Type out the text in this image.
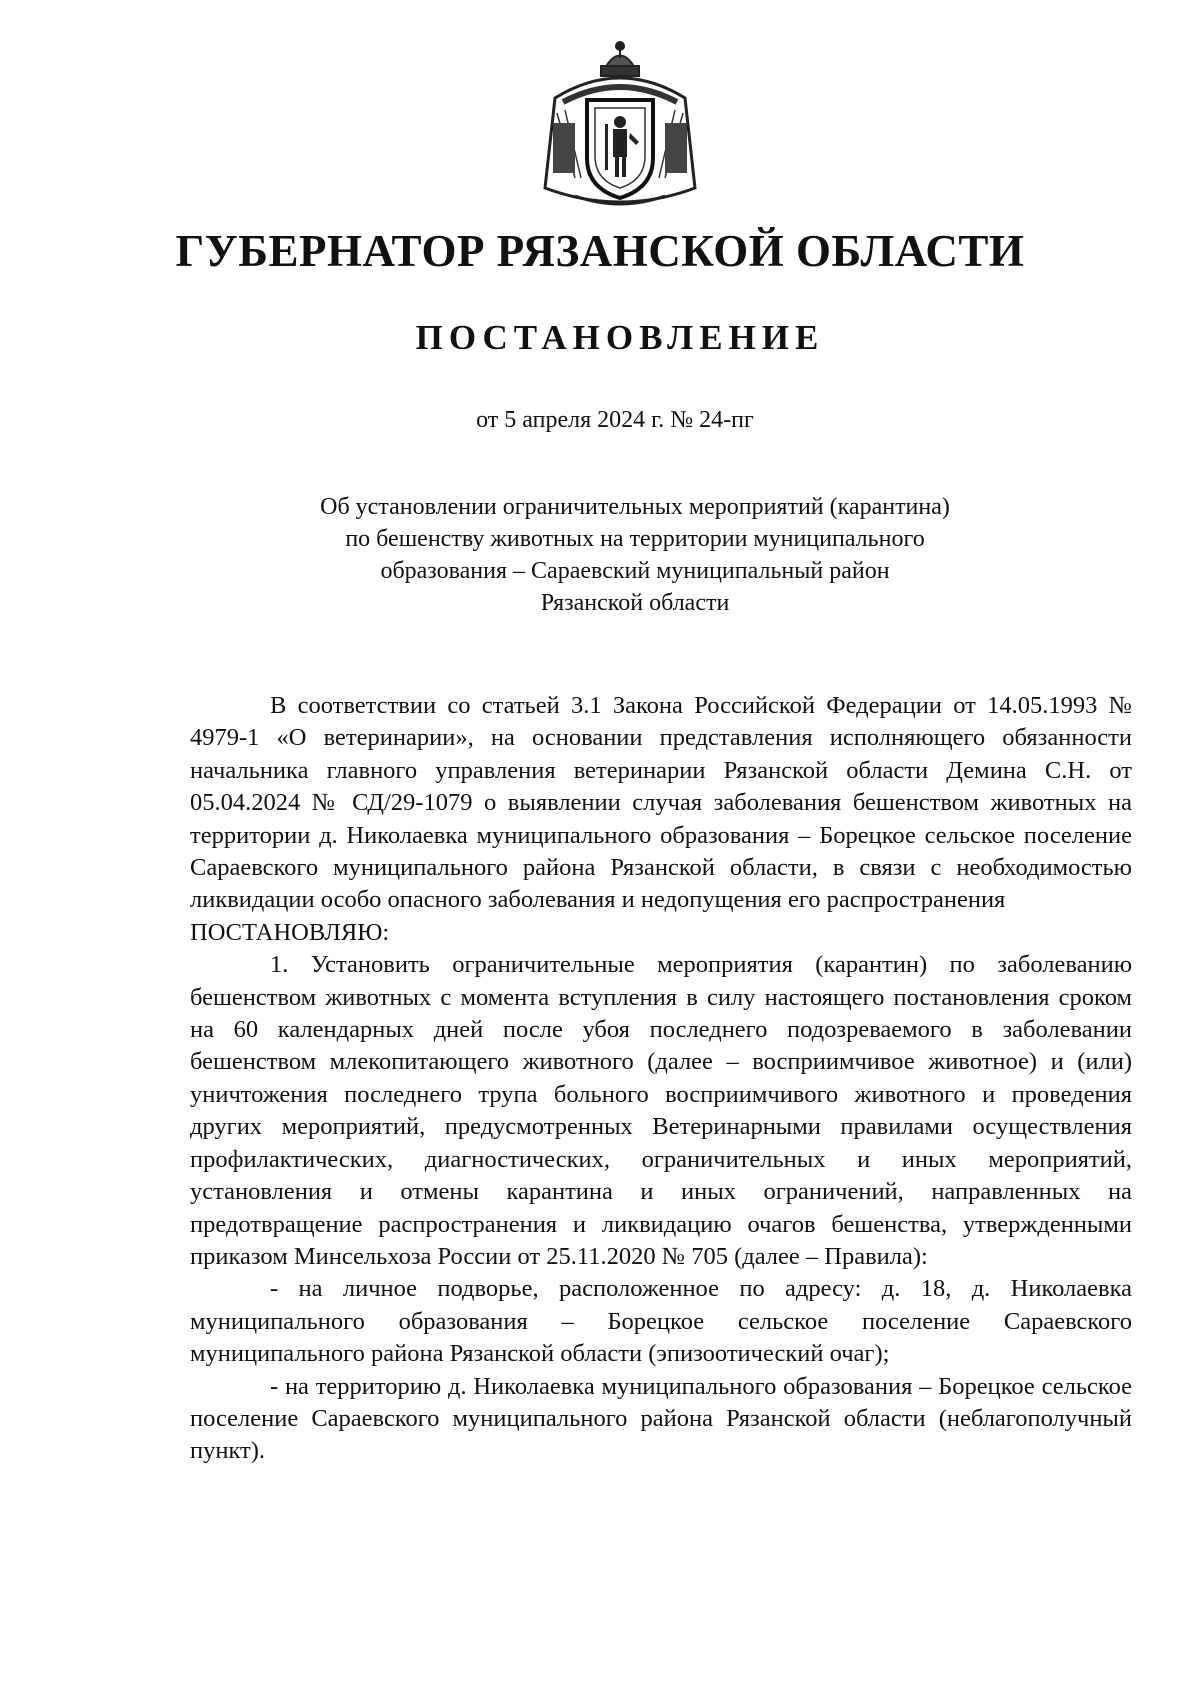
ГУБЕРНАТОР РЯЗАНСКОЙ ОБЛАСТИ
ПОСТАНОВЛЕНИЕ
от 5 апреля 2024 г. № 24-пг
Об установлении ограничительных мероприятий (карантина)
по бешенству животных на территории муниципального
образования – Сараевский муниципальный район
Рязанской области

В соответствии со статьей 3.1 Закона Российской Федерации от 14.05.1993 № 4979-1 «О ветеринарии», на основании представления исполняющего обязанности начальника главного управления ветеринарии Рязанской области Демина С.Н. от 05.04.2024 № СД/29-1079 о выявлении случая заболевания бешенством животных на территории д. Николаевка муниципального образования – Борецкое сельское поселение Сараевского муниципального района Рязанской области, в связи с необходимостью ликвидации особо опасного заболевания и недопущения его распространения

ПОСТАНОВЛЯЮ:

1. Установить ограничительные мероприятия (карантин) по заболеванию бешенством животных с момента вступления в силу настоящего постановления сроком на 60 календарных дней после убоя последнего подозреваемого в заболевании бешенством млекопитающего животного (далее – восприимчивое животное) и (или) уничтожения последнего трупа больного восприимчивого животного и проведения других мероприятий, предусмотренных Ветеринарными правилами осуществления профилактических, диагностических, ограничительных и иных мероприятий, установления и отмены карантина и иных ограничений, направленных на предотвращение распространения и ликвидацию очагов бешенства, утвержденными приказом Минсельхоза России от 25.11.2020 № 705 (далее – Правила):

- на личное подворье, расположенное по адресу: д. 18, д. Николаевка муниципального образования – Борецкое сельское поселение Сараевского муниципального района Рязанской области (эпизоотический очаг);

- на территорию д. Николаевка муниципального образования – Борецкое сельское поселение Сараевского муниципального района Рязанской области (неблагополучный пункт).
